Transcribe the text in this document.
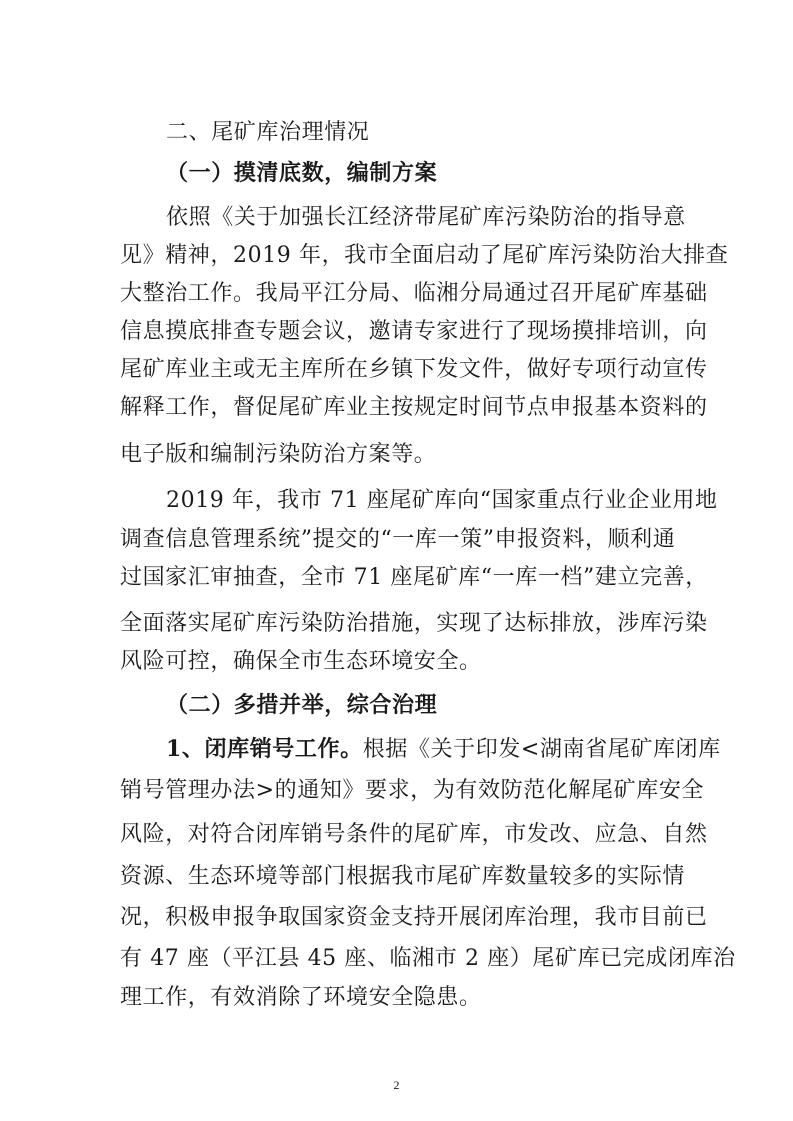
二、尾矿库治理情况
（一）摸清底数，编制方案
依照《关于加强长江经济带尾矿库污染防治的指导意
见》精神，2019 年，我市全面启动了尾矿库污染防治大排查
大整治工作。我局平江分局、临湘分局通过召开尾矿库基础
信息摸底排查专题会议，邀请专家进行了现场摸排培训，向
尾矿库业主或无主库所在乡镇下发文件，做好专项行动宣传
解释工作，督促尾矿库业主按规定时间节点申报基本资料的
电子版和编制污染防治方案等。
2019 年，我市 71 座尾矿库向“国家重点行业企业用地
调查信息管理系统”提交的“一库一策”申报资料，顺利通
过国家汇审抽查，全市 71 座尾矿库“一库一档”建立完善，
全面落实尾矿库污染防治措施，实现了达标排放，涉库污染
风险可控，确保全市生态环境安全。
（二）多措并举，综合治理
1、闭库销号工作。根据《关于印发<湖南省尾矿库闭库
销号管理办法>的通知》要求，为有效防范化解尾矿库安全
风险，对符合闭库销号条件的尾矿库，市发改、应急、自然
资源、生态环境等部门根据我市尾矿库数量较多的实际情
况，积极申报争取国家资金支持开展闭库治理，我市目前已
有 47 座（平江县 45 座、临湘市 2 座）尾矿库已完成闭库治
理工作，有效消除了环境安全隐患。
2
